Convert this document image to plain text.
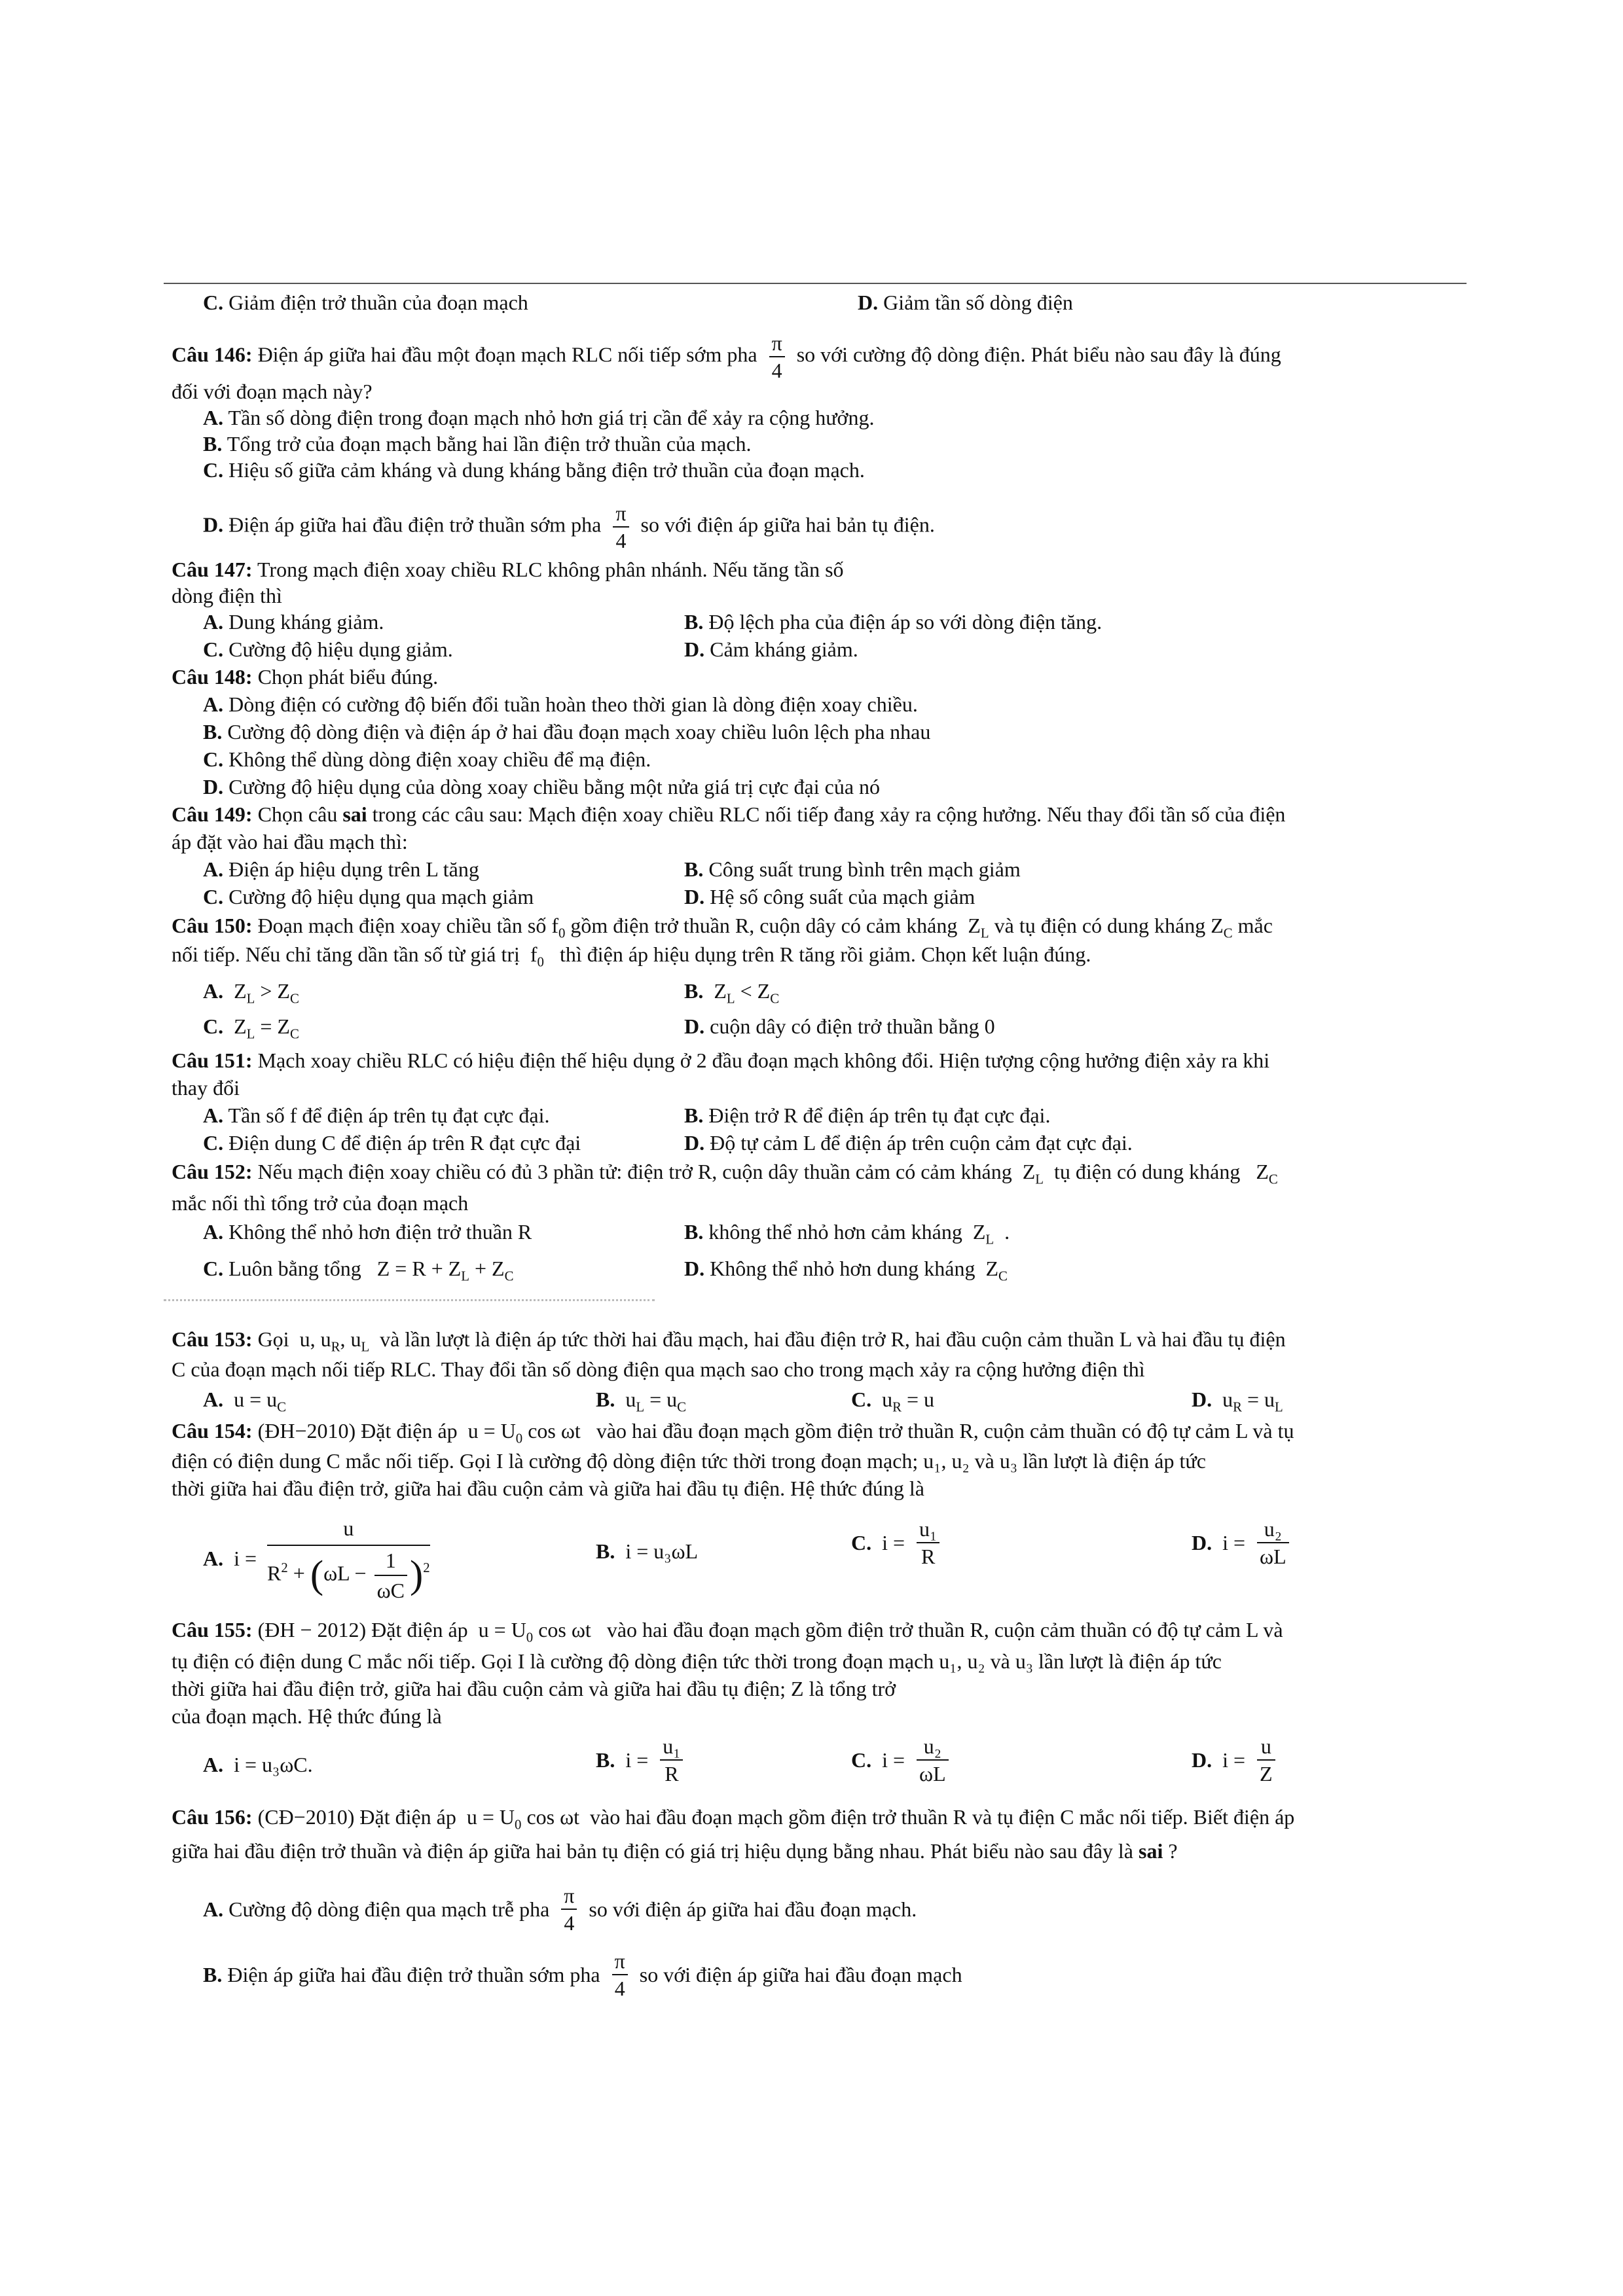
C. Giảm điện trở thuần của đoạn mạch	D. Giảm tần số dòng điện
Câu 146: Điện áp giữa hai đầu một đoạn mạch RLC nối tiếp sớm pha $\frac{\pi}{4}$ so với cường độ dòng điện. Phát biểu nào sau đây là đúng
đối với đoạn mạch này?
A. Tần số dòng điện trong đoạn mạch nhỏ hơn giá trị cần để xảy ra cộng hưởng.
B. Tổng trở của đoạn mạch bằng hai lần điện trở thuần của mạch.
C. Hiệu số giữa cảm kháng và dung kháng bằng điện trở thuần của đoạn mạch.
D. Điện áp giữa hai đầu điện trở thuần sớm pha $\frac{\pi}{4}$ so với điện áp giữa hai bản tụ điện.
Câu 147: Trong mạch điện xoay chiều RLC không phân nhánh. Nếu tăng tần số
dòng điện thì
A. Dung kháng giảm.	B. Độ lệch pha của điện áp so với dòng điện tăng.
C. Cường độ hiệu dụng giảm.	D. Cảm kháng giảm.
Câu 148: Chọn phát biểu đúng.
A. Dòng điện có cường độ biến đổi tuần hoàn theo thời gian là dòng điện xoay chiều.
B. Cường độ dòng điện và điện áp ở hai đầu đoạn mạch xoay chiều luôn lệch pha nhau
C. Không thể dùng dòng điện xoay chiều để mạ điện.
D. Cường độ hiệu dụng của dòng xoay chiều bằng một nửa giá trị cực đại của nó
Câu 149: Chọn câu sai trong các câu sau: Mạch điện xoay chiều RLC nối tiếp đang xảy ra cộng hưởng. Nếu thay đổi tần số của điện
áp đặt vào hai đầu mạch thì:
A. Điện áp hiệu dụng trên L tăng	B. Công suất trung bình trên mạch giảm
C. Cường độ hiệu dụng qua mạch giảm	D. Hệ số công suất của mạch giảm
Câu 150: Đoạn mạch điện xoay chiều tần số $f_0$ gồm điện trở thuần R, cuộn dây có cảm kháng $Z_L$ và tụ điện có dung kháng $Z_C$ mắc
nối tiếp. Nếu chỉ tăng dần tần số từ giá trị $f_0$ thì điện áp hiệu dụng trên R tăng rồi giảm. Chọn kết luận đúng.
A. $Z_L > Z_C$	B. $Z_L < Z_C$
C. $Z_L = Z_C$	D. cuộn dây có điện trở thuần bằng 0
Câu 151: Mạch xoay chiều RLC có hiệu điện thế hiệu dụng ở 2 đầu đoạn mạch không đổi. Hiện tượng cộng hưởng điện xảy ra khi
thay đổi
A. Tần số f để điện áp trên tụ đạt cực đại.	B. Điện trở R để điện áp trên tụ đạt cực đại.
C. Điện dung C để điện áp trên R đạt cực đại	D. Độ tự cảm L để điện áp trên cuộn cảm đạt cực đại.
Câu 152: Nếu mạch điện xoay chiều có đủ 3 phần tử: điện trở R, cuộn dây thuần cảm có cảm kháng  $Z_L$ tụ điện có dung kháng   $Z_C$
mắc nối thì tổng trở của đoạn mạch
A. Không thể nhỏ hơn điện trở thuần R	B. không thể nhỏ hơn cảm kháng  $Z_L$  .
C. Luôn bằng tổng $Z = R + Z_L + Z_C$	D. Không thể nhỏ hơn dung kháng  $Z_C$
Câu 153: Gọi u, $u_R$, $u_L$ và lần lượt là điện áp tức thời hai đầu mạch, hai đầu điện trở R, hai đầu cuộn cảm thuần L và hai đầu tụ điện
C của đoạn mạch nối tiếp RLC. Thay đổi tần số dòng điện qua mạch sao cho trong mạch xảy ra cộng hưởng điện thì
A.  $u = u_C$	B.  $u_L = u_C$	C.  $u_R = u$	D.  $u_R = u_L$
Câu 154: (ĐH−2010) Đặt điện áp $u = U_0$ cos ωt vào hai đầu đoạn mạch gồm điện trở thuần R, cuộn cảm thuần có độ tự cảm L và tụ
điện có điện dung C mắc nối tiếp. Gọi I là cường độ dòng điện tức thời trong đoạn mạch; u₁, u₂ và u₃ lần lượt là điện áp tức
thời giữa hai đầu điện trở, giữa hai đầu cuộn cảm và giữa hai đầu tụ điện. Hệ thức đúng là
A. $i = \frac{u}{R^2 + (\omega L - \frac{1}{\omega C} )^2}$	B. i = u₃ωL	C. $i = \frac{\text{u₁}}{R}$	D. $i = \frac{\text{u₂}}{\omega L}$
Câu 155: (ĐH − 2012) Đặt điện áp $u = U_0$ cos ωt vào hai đầu đoạn mạch gồm điện trở thuần R, cuộn cảm thuần có độ tự cảm L và
tụ điện có điện dung C mắc nối tiếp. Gọi I là cường độ dòng điện tức thời trong đoạn mạch u₁, u₂ và u₃ lần lượt là điện áp tức
thời giữa hai đầu điện trở, giữa hai đầu cuộn cảm và giữa hai đầu tụ điện; Z là tổng trở
của đoạn mạch. Hệ thức đúng là
A. i = u₃ωC.	B. $i = \frac{\text{u₁}}{R}$	C. $i = \frac{\text{u₂}}{\omega L}$	D. $i = \frac{u}{Z}$
Câu 156: (CĐ−2010) Đặt điện áp $u = U_0$ cos ωt vào hai đầu đoạn mạch gồm điện trở thuần R và tụ điện C mắc nối tiếp. Biết điện áp
giữa hai đầu điện trở thuần và điện áp giữa hai bản tụ điện có giá trị hiệu dụng bằng nhau. Phát biểu nào sau đây là sai ?
A. Cường độ dòng điện qua mạch trễ pha $\frac{\pi}{4}$ so với điện áp giữa hai đầu đoạn mạch.
B. Điện áp giữa hai đầu điện trở thuần sớm pha $\frac{\pi}{4}$ so với điện áp giữa hai đầu đoạn mạch
